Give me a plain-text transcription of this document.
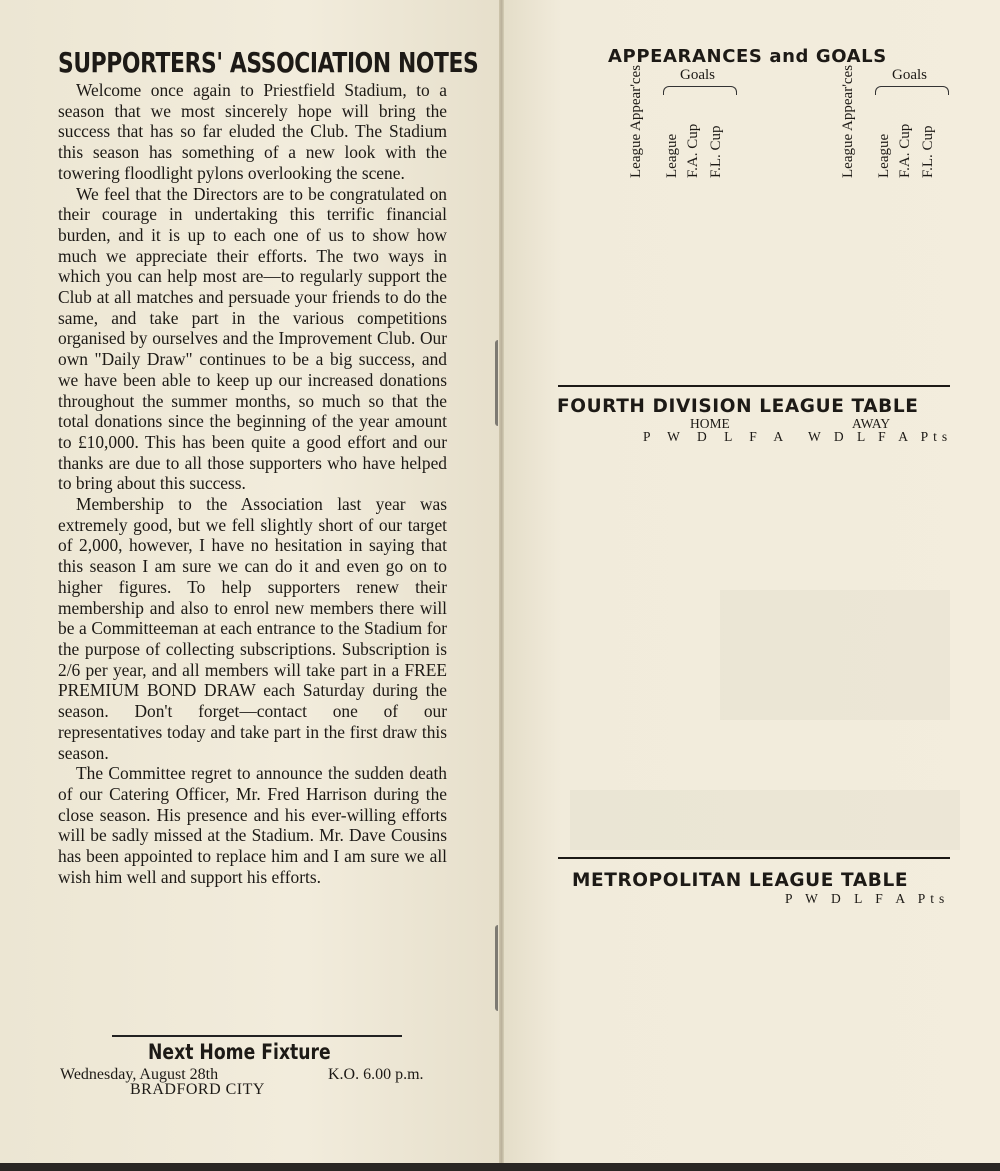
SUPPORTERS' ASSOCIATION NOTES

Welcome once again to Priestfield Stadium, to a season that we most sincerely hope will bring the success that has so far eluded the Club. The Stadium this season has something of a new look with the towering floodlight pylons overlooking the scene.

We feel that the Directors are to be congratulated on their courage in undertaking this terrific financial burden, and it is up to each one of us to show how much we appreciate their efforts. The two ways in which you can help most are—to regularly support the Club at all matches and persuade your friends to do the same, and take part in the various competitions organised by ourselves and the Improvement Club. Our own "Daily Draw" continues to be a big success, and we have been able to keep up our increased donations throughout the summer months, so much so that the total donations since the beginning of the year amount to £10,000. This has been quite a good effort and our thanks are due to all those supporters who have helped to bring about this success.

Membership to the Association last year was extremely good, but we fell slightly short of our target of 2,000, however, I have no hesitation in saying that this season I am sure we can do it and even go on to higher figures. To help supporters renew their membership and also to enrol new members there will be a Committeeman at each entrance to the Stadium for the purpose of collecting subscriptions. Subscription is 2/6 per year, and all members will take part in a FREE PREMIUM BOND DRAW each Saturday during the season. Don't forget—contact one of our representatives today and take part in the first draw this season.

The Committee regret to announce the sudden death of our Catering Officer, Mr. Fred Harrison during the close season. His presence and his ever-willing efforts will be sadly missed at the Stadium. Mr. Dave Cousins has been appointed to replace him and I am sure we all wish him well and support his efforts.

Next Home Fixture
Wednesday, August 28th	K.O. 6.00 p.m.
BRADFORD CITY
APPEARANCES and GOALS
Goals	Goals
League Appear'ces League F.A. Cup F.L. Cup	League Appear'ces League F.A. Cup F.L. Cup
FOURTH DIVISION LEAGUE TABLE
HOME	AWAY
P W D L F A W D L F A Pts
METROPOLITAN LEAGUE TABLE
P W D L F A Pts
